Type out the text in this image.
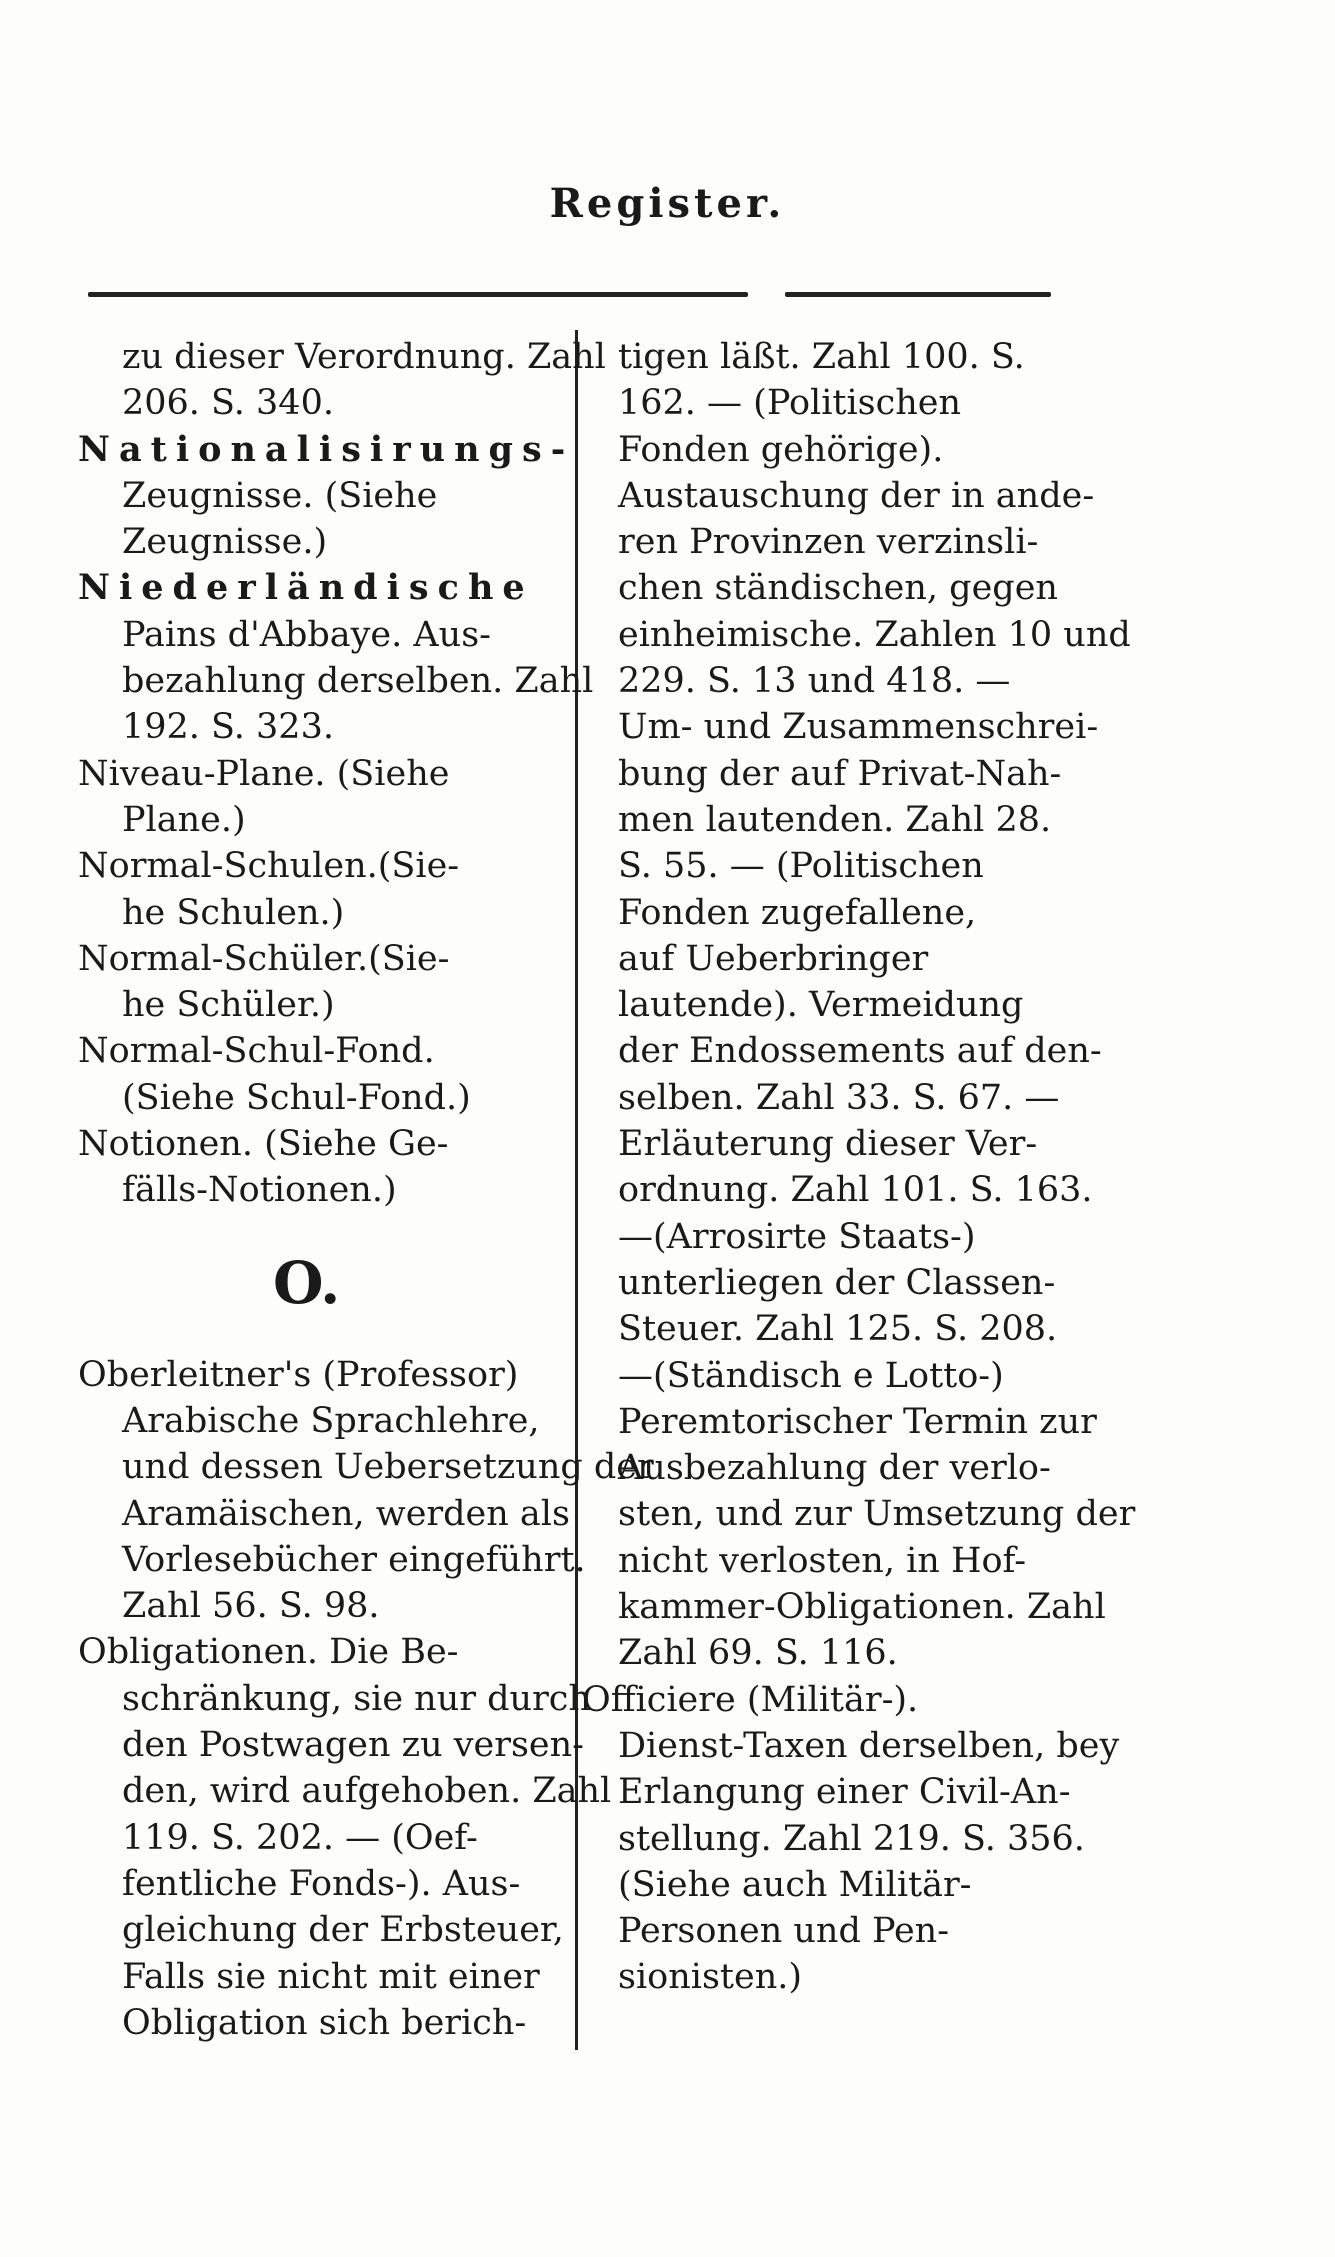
Register.
zu dieser Verordnung. Zahl
206. S. 340.
Nationalisirungs-
Zeugnisse. (Siehe
Zeugnisse.)
Niederländische
Pains d'Abbaye. Aus-
bezahlung derselben. Zahl
192. S. 323.
Niveau-Plane. (Siehe
Plane.)
Normal-Schulen.(Sie-
he Schulen.)
Normal-Schüler.(Sie-
he Schüler.)
Normal-Schul-Fond.
(Siehe Schul-Fond.)
Notionen. (Siehe Ge-
fälls-Notionen.)
O.
Oberleitner's (Professor)
Arabische Sprachlehre,
und dessen Uebersetzung der
Aramäischen, werden als
Vorlesebücher eingeführt.
Zahl 56. S. 98.
Obligationen. Die Be-
schränkung, sie nur durch
den Postwagen zu versen-
den, wird aufgehoben. Zahl
119. S. 202. — (Oef-
fentliche Fonds-). Aus-
gleichung der Erbsteuer,
Falls sie nicht mit einer
Obligation sich berich-
tigen läßt. Zahl 100. S.
162. — (Politischen
Fonden gehörige).
Austauschung der in ande-
ren Provinzen verzinsli-
chen ständischen, gegen
einheimische. Zahlen 10 und
229. S. 13 und 418. —
Um- und Zusammenschrei-
bung der auf Privat-Nah-
men lautenden. Zahl 28.
S. 55. — (Politischen
Fonden zugefallene,
auf Ueberbringer
lautende). Vermeidung
der Endossements auf den-
selben. Zahl 33. S. 67. —
Erläuterung dieser Ver-
ordnung. Zahl 101. S. 163.
—(Arrosirte Staats-)
unterliegen der Classen-
Steuer. Zahl 125. S. 208.
—(Ständisch e Lotto-)
Peremtorischer Termin zur
Ausbezahlung der verlo-
sten, und zur Umsetzung der
nicht verlosten, in Hof-
kammer-Obligationen. Zahl
Zahl 69. S. 116.
Officiere (Militär-).
Dienst-Taxen derselben, bey
Erlangung einer Civil-An-
stellung. Zahl 219. S. 356.
(Siehe auch Militär-
Personen und Pen-
sionisten.)
